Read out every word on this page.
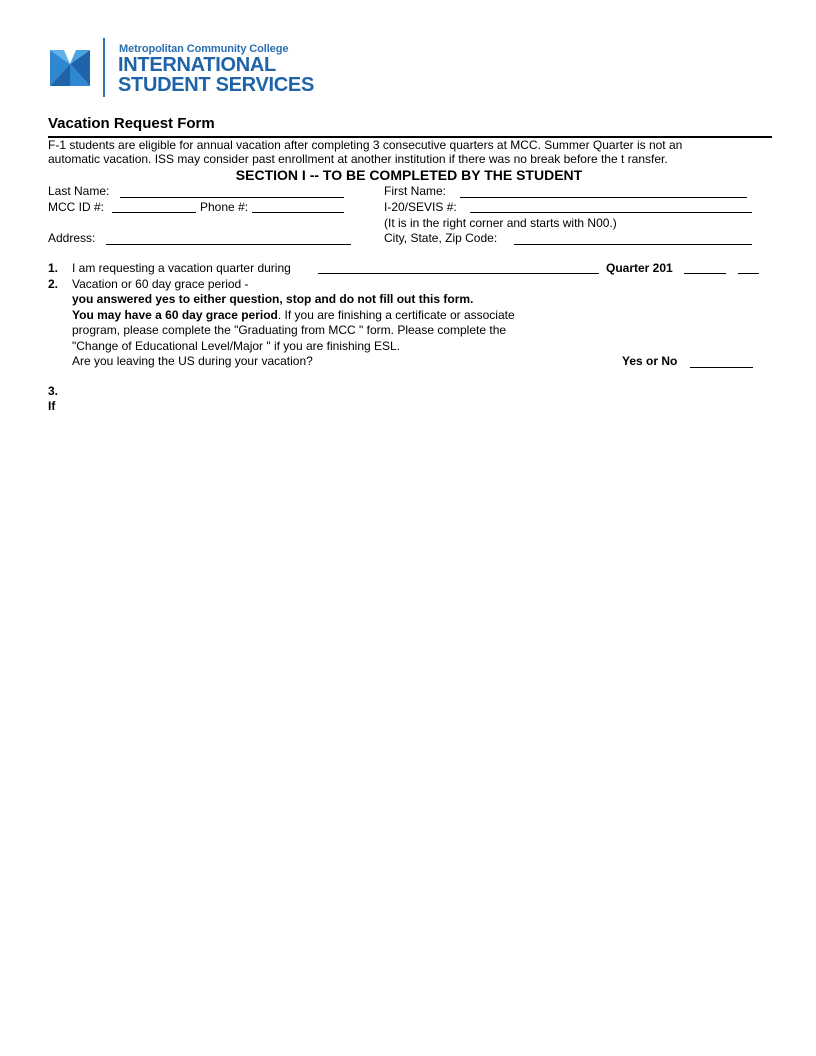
Metropolitan Community College
INTERNATIONAL
STUDENT SERVICES
Vacation Request Form
F-1 students are eligible for annual vacation after completing 3 consecutive quarters at MCC. Summer Quarter is not an
automatic vacation. ISS may consider past enrollment at another institution if there was no break before the t ransfer.
SECTION I -- TO BE COMPLETED BY THE STUDENT
Last Name:	First Name:
MCC ID #:	Phone #:	I-20/SEVIS #:
(It is in the right corner and starts with N00.)
Address:	City, State, Zip Code:
1. I am requesting a vacation quarter during	Quarter 201
2. Vacation or 60 day grace period -
you answered yes to either question, stop and do not fill out this form.
You may have a 60 day grace period. If you are finishing a certificate or associate
program, please complete the "Graduating from MCC " form. Please complete the
"Change of Educational Level/Major " if you are finishing ESL.
Are you leaving the US during your vacation?	Yes or No
3.
If
